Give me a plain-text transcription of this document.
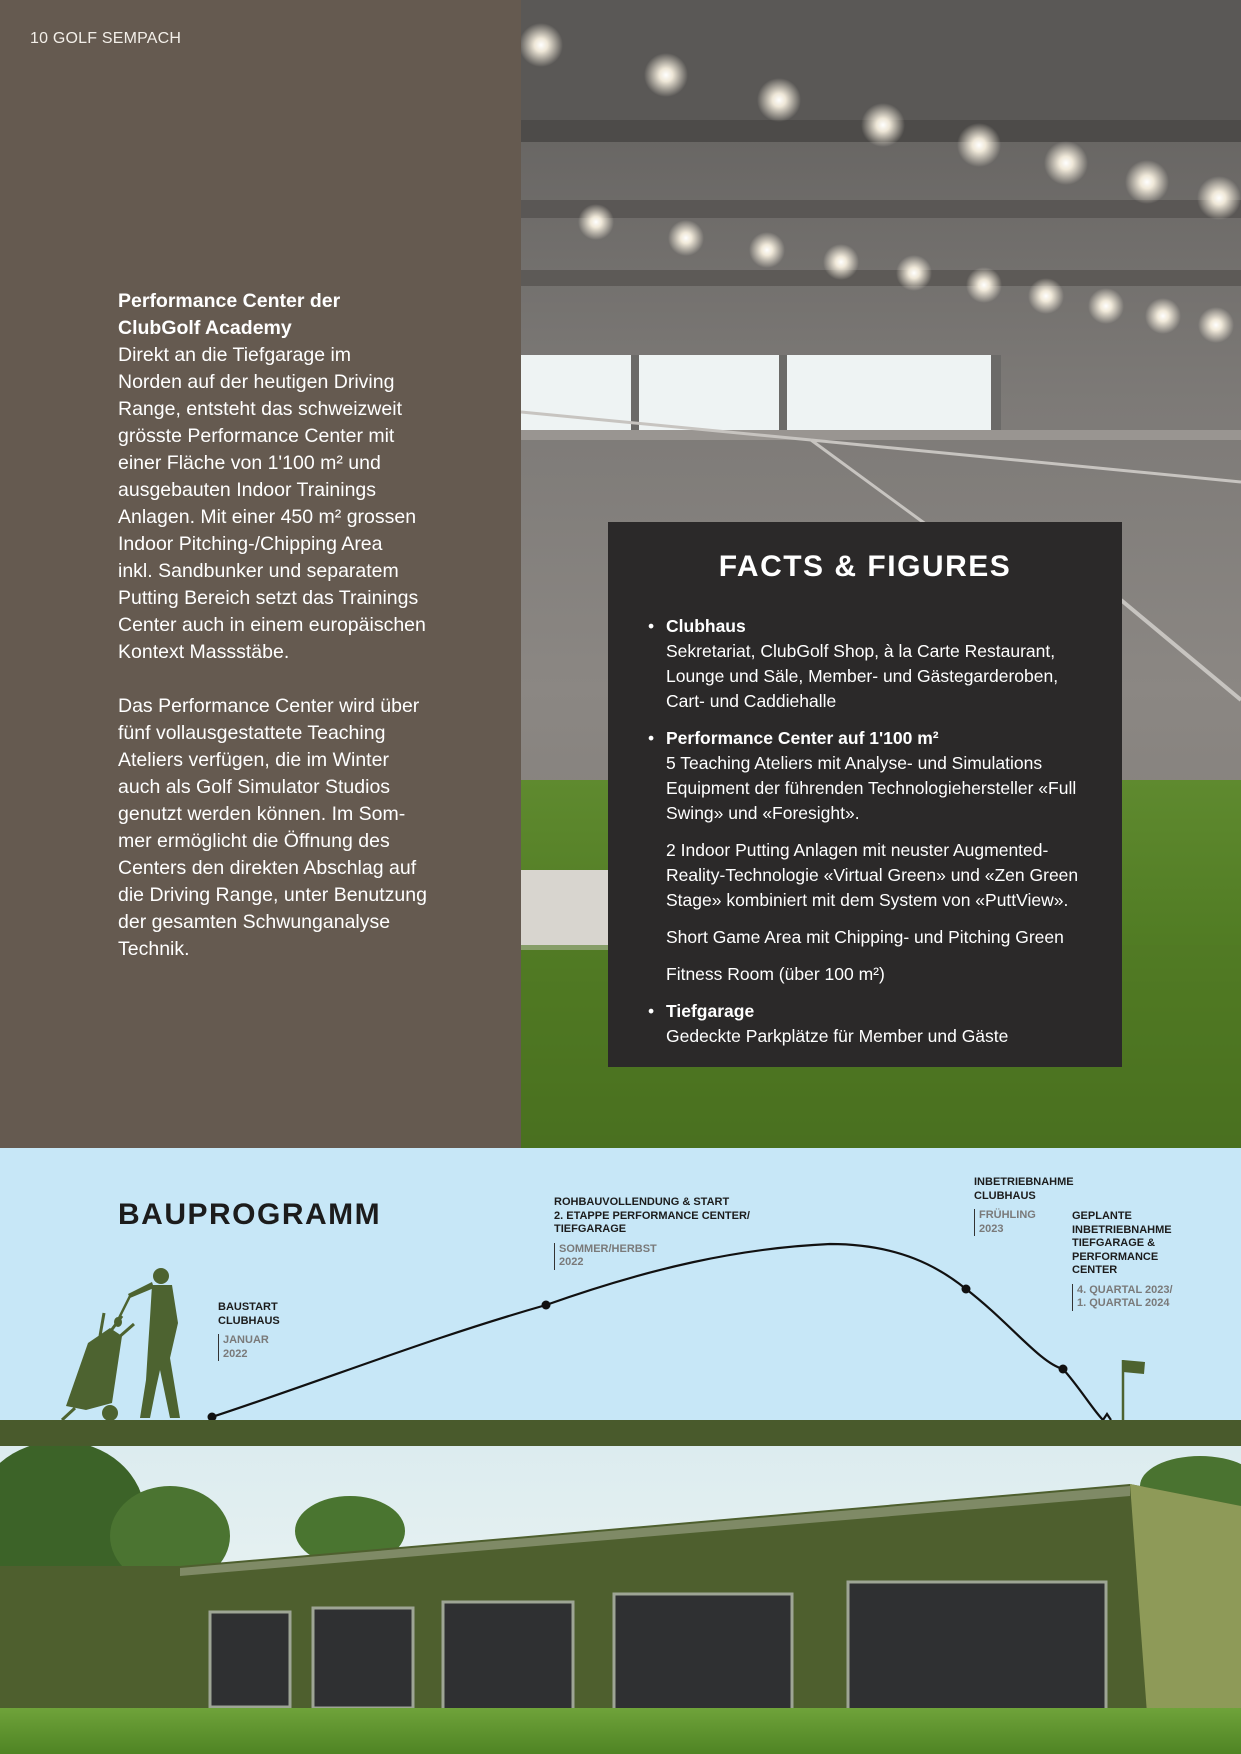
10 GOLF SEMPACH

Performance Center der
ClubGolf Academy

Direkt an die Tiefgarage im
Norden auf der heutigen Driving
Range, entsteht das schweizweit
grösste Performance Center mit
einer Fläche von 1'100 m² und
ausgebauten Indoor Trainings
Anlagen. Mit einer 450 m² grossen
Indoor Pitching-/Chipping Area
inkl. Sandbunker und separatem
Putting Bereich setzt das Trainings
Center auch in einem europäischen
Kontext Massstäbe.

Das Performance Center wird über
fünf vollausgestattete Teaching
Ateliers verfügen, die im Winter
auch als Golf Simulator Studios
genutzt werden können. Im Som-
mer ermöglicht die Öffnung des
Centers den direkten Abschlag auf
die Driving Range, unter Benutzung
der gesamten Schwunganalyse
Technik.

FACTS & FIGURES
• Clubhaus
Sekretariat, ClubGolf Shop, à la Carte Restaurant, Lounge und Säle, Member- und Gästegarderoben, Cart- und Caddiehalle
• Performance Center auf 1'100 m²
5 Teaching Ateliers mit Analyse- und Simulations Equipment der führenden Technologiehersteller «Full Swing» und «Foresight».
2 Indoor Putting Anlagen mit neuster Augmented-Reality-Technologie «Virtual Green» und «Zen Green Stage» kombiniert mit dem System von «PuttView».
Short Game Area mit Chipping- und Pitching Green
Fitness Room (über 100 m²)
• Tiefgarage
Gedeckte Parkplätze für Member und Gäste
BAUPROGRAMM
BAUSTART
CLUBHAUS
JANUAR
2022
ROHBAUVOLLENDUNG & START
2. ETAPPE PERFORMANCE CENTER/
TIEFGARAGE
SOMMER/HERBST
2022
INBETRIEBNAHME
CLUBHAUS
FRÜHLING
2023
GEPLANTE
INBETRIEBNAHME
TIEFGARAGE &
PERFORMANCE
CENTER
4. QUARTAL 2023/
1. QUARTAL 2024
